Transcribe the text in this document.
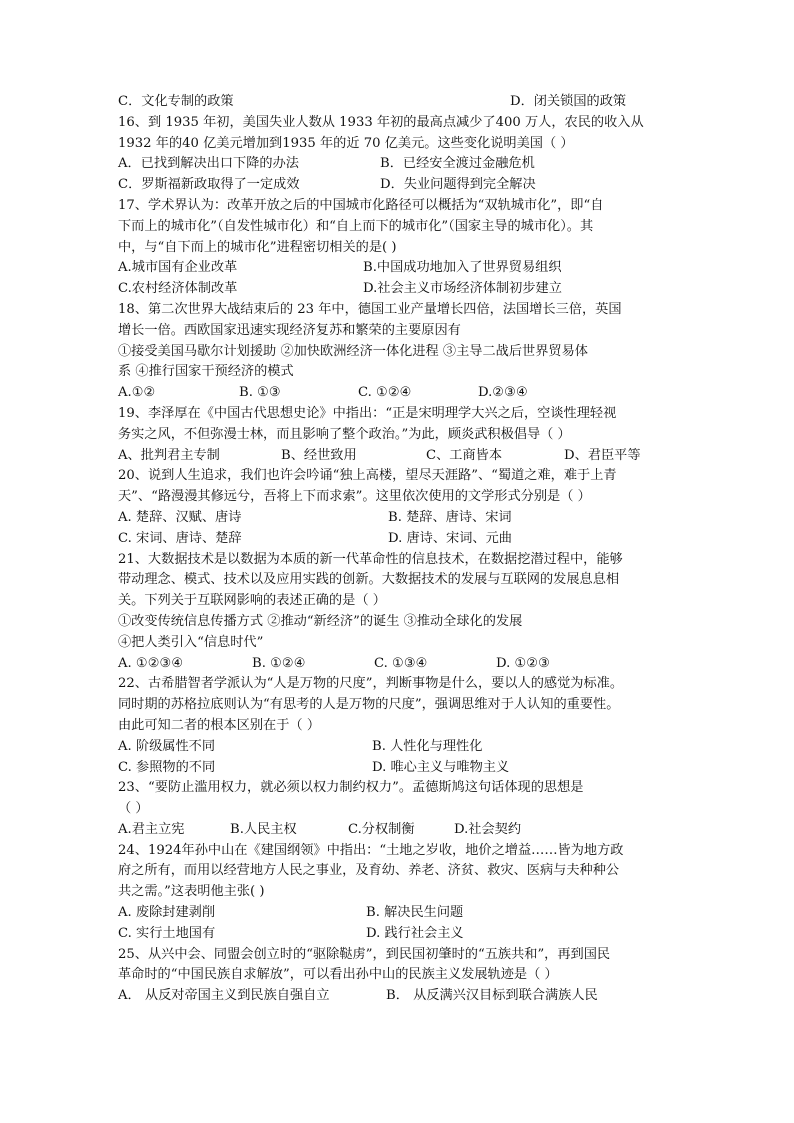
C．文化专制的政策	D．闭关锁国的政策
16、到 1935 年初，美国失业人数从 1933 年初的最高点减少了400 万人，农民的收入从
1932 年的40 亿美元增加到1935 年的近 70 亿美元。这些变化说明美国（ ）
A．已找到解决出口下降的办法	B．已经安全渡过金融危机
C．罗斯福新政取得了一定成效	D．失业问题得到完全解决
17、学术界认为：改革开放之后的中国城市化路径可以概括为“双轨城市化”，即“自
下而上的城市化”（自发性城市化）和“自上而下的城市化”（国家主导的城市化）。其
中，与“自下而上的城市化”进程密切相关的是( )
A.城市国有企业改革	B.中国成功地加入了世界贸易组织
C.农村经济体制改革	D.社会主义市场经济体制初步建立
18、第二次世界大战结束后的 23 年中，德国工业产量增长四倍，法国增长三倍，英国
增长一倍。西欧国家迅速实现经济复苏和繁荣的主要原因有
①接受美国马歇尔计划援助 ②加快欧洲经济一体化进程 ③主导二战后世界贸易体
系 ④推行国家干预经济的模式
A.①②	B. ①③	C. ①②④	D.②③④
19、李泽厚在《中国古代思想史论》中指出：“正是宋明理学大兴之后，空谈性理轻视
务实之风，不但弥漫士林，而且影响了整个政治。”为此，顾炎武积极倡导（ ）
A、批判君主专制	B、经世致用	C、工商皆本	D、君臣平等
20、说到人生追求，我们也许会吟诵“独上高楼，望尽天涯路”、“蜀道之难，难于上青
天”、“路漫漫其修远兮，吾将上下而求索”。这里依次使用的文学形式分别是（ ）
A. 楚辞、汉赋、唐诗	B. 楚辞、唐诗、宋词
C. 宋词、唐诗、楚辞	D. 唐诗、宋词、元曲
21、大数据技术是以数据为本质的新一代革命性的信息技术，在数据挖潜过程中，能够
带动理念、模式、技术以及应用实践的创新。大数据技术的发展与互联网的发展息息相
关。下列关于互联网影响的表述正确的是（ ）
①改变传统信息传播方式 ②推动“新经济”的诞生 ③推动全球化的发展
④把人类引入“信息时代”
A. ①②③④	B. ①②④	C. ①③④	D. ①②③
22、古希腊智者学派认为“人是万物的尺度”，判断事物是什么，要以人的感觉为标准。
同时期的苏格拉底则认为“有思考的人是万物的尺度”，强调思维对于人认知的重要性。
由此可知二者的根本区别在于（ ）
A. 阶级属性不同	B. 人性化与理性化
C. 参照物的不同	D. 唯心主义与唯物主义
23、“要防止滥用权力，就必须以权力制约权力”。孟德斯鸠这句话体现的思想是
（ ）
A.君主立宪	B.人民主权	C.分权制衡	D.社会契约
24、1924年孙中山在《建国纲领》中指出：“土地之岁收，地价之增益……皆为地方政
府之所有，而用以经营地方人民之事业，及育幼、养老、济贫、救灾、医病与夫种种公
共之需。”这表明他主张( )
A. 废除封建剥削	B. 解决民生问题
C. 实行土地国有	D. 践行社会主义
25、从兴中会、同盟会创立时的“驱除鞑虏”，到民国初肇时的“五族共和”，再到国民
革命时的“中国民族自求解放”，可以看出孙中山的民族主义发展轨迹是（ ）
A． 从反对帝国主义到民族自强自立	B． 从反满兴汉目标到联合满族人民
